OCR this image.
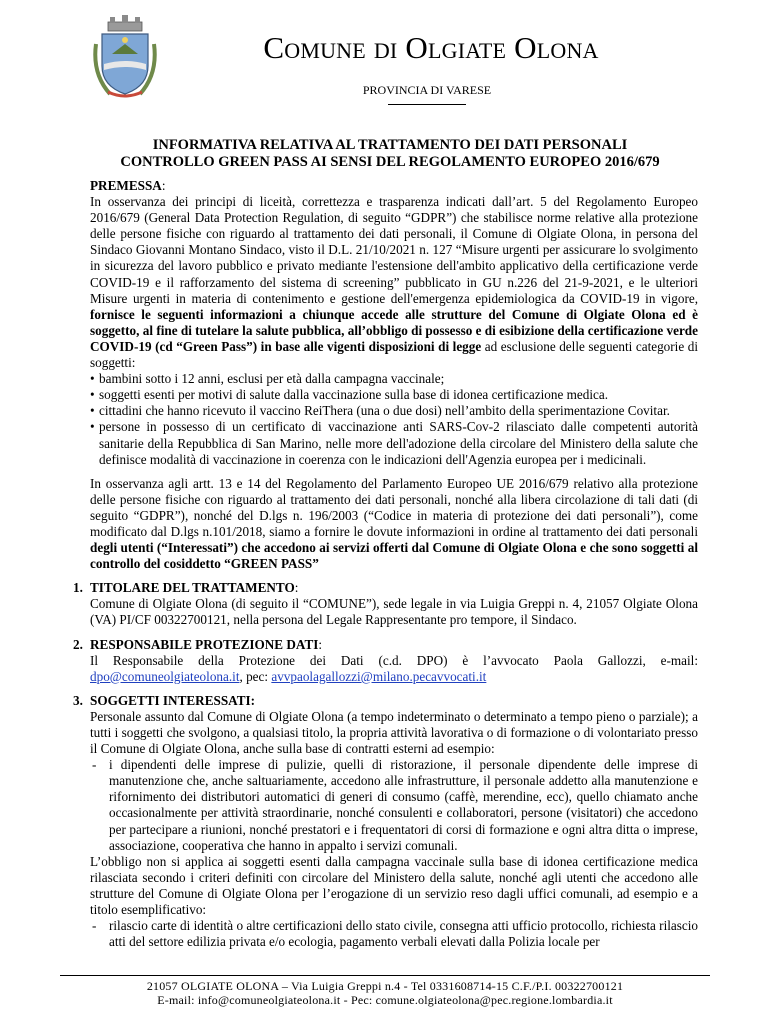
Comune di Olgiate Olona
PROVINCIA DI VARESE
INFORMATIVA RELATIVA AL TRATTAMENTO DEI DATI PERSONALI
CONTROLLO GREEN PASS AI SENSI DEL REGOLAMENTO EUROPEO 2016/679

PREMESSA:

In osservanza dei principi di liceità, correttezza e trasparenza indicati dall’art. 5 del Regolamento Europeo 2016/679 (General Data Protection Regulation, di seguito “GDPR”) che stabilisce norme relative alla protezione delle persone fisiche con riguardo al trattamento dei dati personali, il Comune di Olgiate Olona, in persona del Sindaco Giovanni Montano Sindaco, visto il D.L. 21/10/2021 n. 127 “Misure urgenti per assicurare lo svolgimento in sicurezza del lavoro pubblico e privato mediante l'estensione dell'ambito applicativo della certificazione verde COVID-19 e il rafforzamento del sistema di screening” pubblicato in GU n.226 del 21-9-2021, e le ulteriori Misure urgenti in materia di contenimento e gestione dell'emergenza epidemiologica da COVID-19 in vigore, fornisce le seguenti informazioni a chiunque accede alle strutture del Comune di Olgiate Olona ed è soggetto, al fine di tutelare la salute pubblica, all’obbligo di possesso e di esibizione della certificazione verde COVID-19 (cd “Green Pass”) in base alle vigenti disposizioni di legge ad esclusione delle seguenti categorie di soggetti:

• bambini sotto i 12 anni, esclusi per età dalla campagna vaccinale;
• soggetti esenti per motivi di salute dalla vaccinazione sulla base di idonea certificazione medica.
• cittadini che hanno ricevuto il vaccino ReiThera (una o due dosi) nell’ambito della sperimentazione Covitar.
• persone in possesso di un certificato di vaccinazione anti SARS-Cov-2 rilasciato dalle competenti autorità sanitarie della Repubblica di San Marino, nelle more dell'adozione della circolare del Ministero della salute che definisce modalità di vaccinazione in coerenza con le indicazioni dell'Agenzia europea per i medicinali.

In osservanza agli artt. 13 e 14 del Regolamento del Parlamento Europeo UE 2016/679 relativo alla protezione delle persone fisiche con riguardo al trattamento dei dati personali, nonché alla libera circolazione di tali dati (di seguito “GDPR”), nonché del D.lgs n. 196/2003 (“Codice in materia di protezione dei dati personali”), come modificato dal D.lgs n.101/2018, siamo a fornire le dovute informazioni in ordine al trattamento dei dati personali degli utenti (“Interessati”) che accedono ai servizi offerti dal Comune di Olgiate Olona e che sono soggetti al controllo del cosiddetto “GREEN PASS”

1. TITOLARE DEL TRATTAMENTO:

Comune di Olgiate Olona (di seguito il “COMUNE”), sede legale in via Luigia Greppi n. 4, 21057 Olgiate Olona (VA) PI/CF 00322700121, nella persona del Legale Rappresentante pro tempore, il Sindaco.

2. RESPONSABILE PROTEZIONE DATI:

Il Responsabile della Protezione dei Dati (c.d. DPO) è l’avvocato Paola Gallozzi, e-mail: dpo@comuneolgiateolona.it, pec: avvpaolagallozzi@milano.pecavvocati.it

3. SOGGETTI INTERESSATI:

Personale assunto dal Comune di Olgiate Olona (a tempo indeterminato o determinato a tempo pieno o parziale); a tutti i soggetti che svolgono, a qualsiasi titolo, la propria attività lavorativa o di formazione o di volontariato presso il Comune di Olgiate Olona, anche sulla base di contratti esterni ad esempio:

- i dipendenti delle imprese di pulizie, quelli di ristorazione, il personale dipendente delle imprese di manutenzione che, anche saltuariamente, accedono alle infrastrutture, il personale addetto alla manutenzione e rifornimento dei distributori automatici di generi di consumo (caffè, merendine, ecc), quello chiamato anche occasionalmente per attività straordinarie, nonché consulenti e collaboratori, persone (visitatori) che accedono per partecipare a riunioni, nonché prestatori e i frequentatori di corsi di formazione e ogni altra ditta o imprese, associazione, cooperativa che hanno in appalto i servizi comunali.

L’obbligo non si applica ai soggetti esenti dalla campagna vaccinale sulla base di idonea certificazione medica rilasciata secondo i criteri definiti con circolare del Ministero della salute, nonché agli utenti che accedono alle strutture del Comune di Olgiate Olona per l’erogazione di un servizio reso dagli uffici comunali, ad esempio e a titolo esemplificativo:

- rilascio carte di identità o altre certificazioni dello stato civile, consegna atti ufficio protocollo, richiesta rilascio atti del settore edilizia privata e/o ecologia, pagamento verbali elevati dalla Polizia locale per
21057 OLGIATE OLONA – Via Luigia Greppi n.4 - Tel 0331608714-15 C.F./P.I. 00322700121
E-mail: info@comuneolgiateolona.it - Pec: comune.olgiateolona@pec.regione.lombardia.it
